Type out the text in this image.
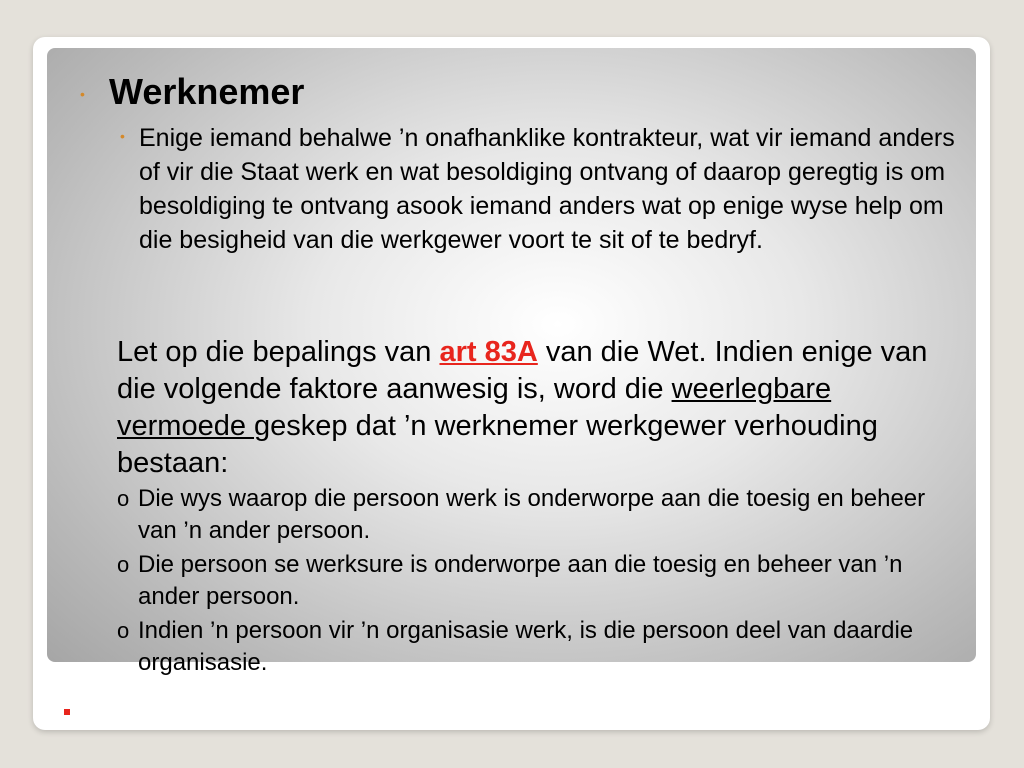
• Werknemer
• Enige iemand behalwe ’n onafhanklike kontrakteur, wat vir iemand anders of vir die Staat werk en wat besoldiging ontvang of daarop geregtig is om besoldiging te ontvang asook iemand anders wat op enige wyse help om die besigheid van die werkgewer voort te sit of te bedryf.
Let op die bepalings van art 83A van die Wet. Indien enige van die volgende faktore aanwesig is, word die weerlegbare vermoede geskep dat ’n werknemer werkgewer verhouding bestaan:
o Die wys waarop die persoon werk is onderworpe aan die toesig en beheer van ’n ander persoon.
o Die persoon se werksure is onderworpe aan die toesig en beheer van ’n ander persoon.
o Indien ’n persoon vir ’n organisasie werk, is die persoon deel van daardie organisasie.
